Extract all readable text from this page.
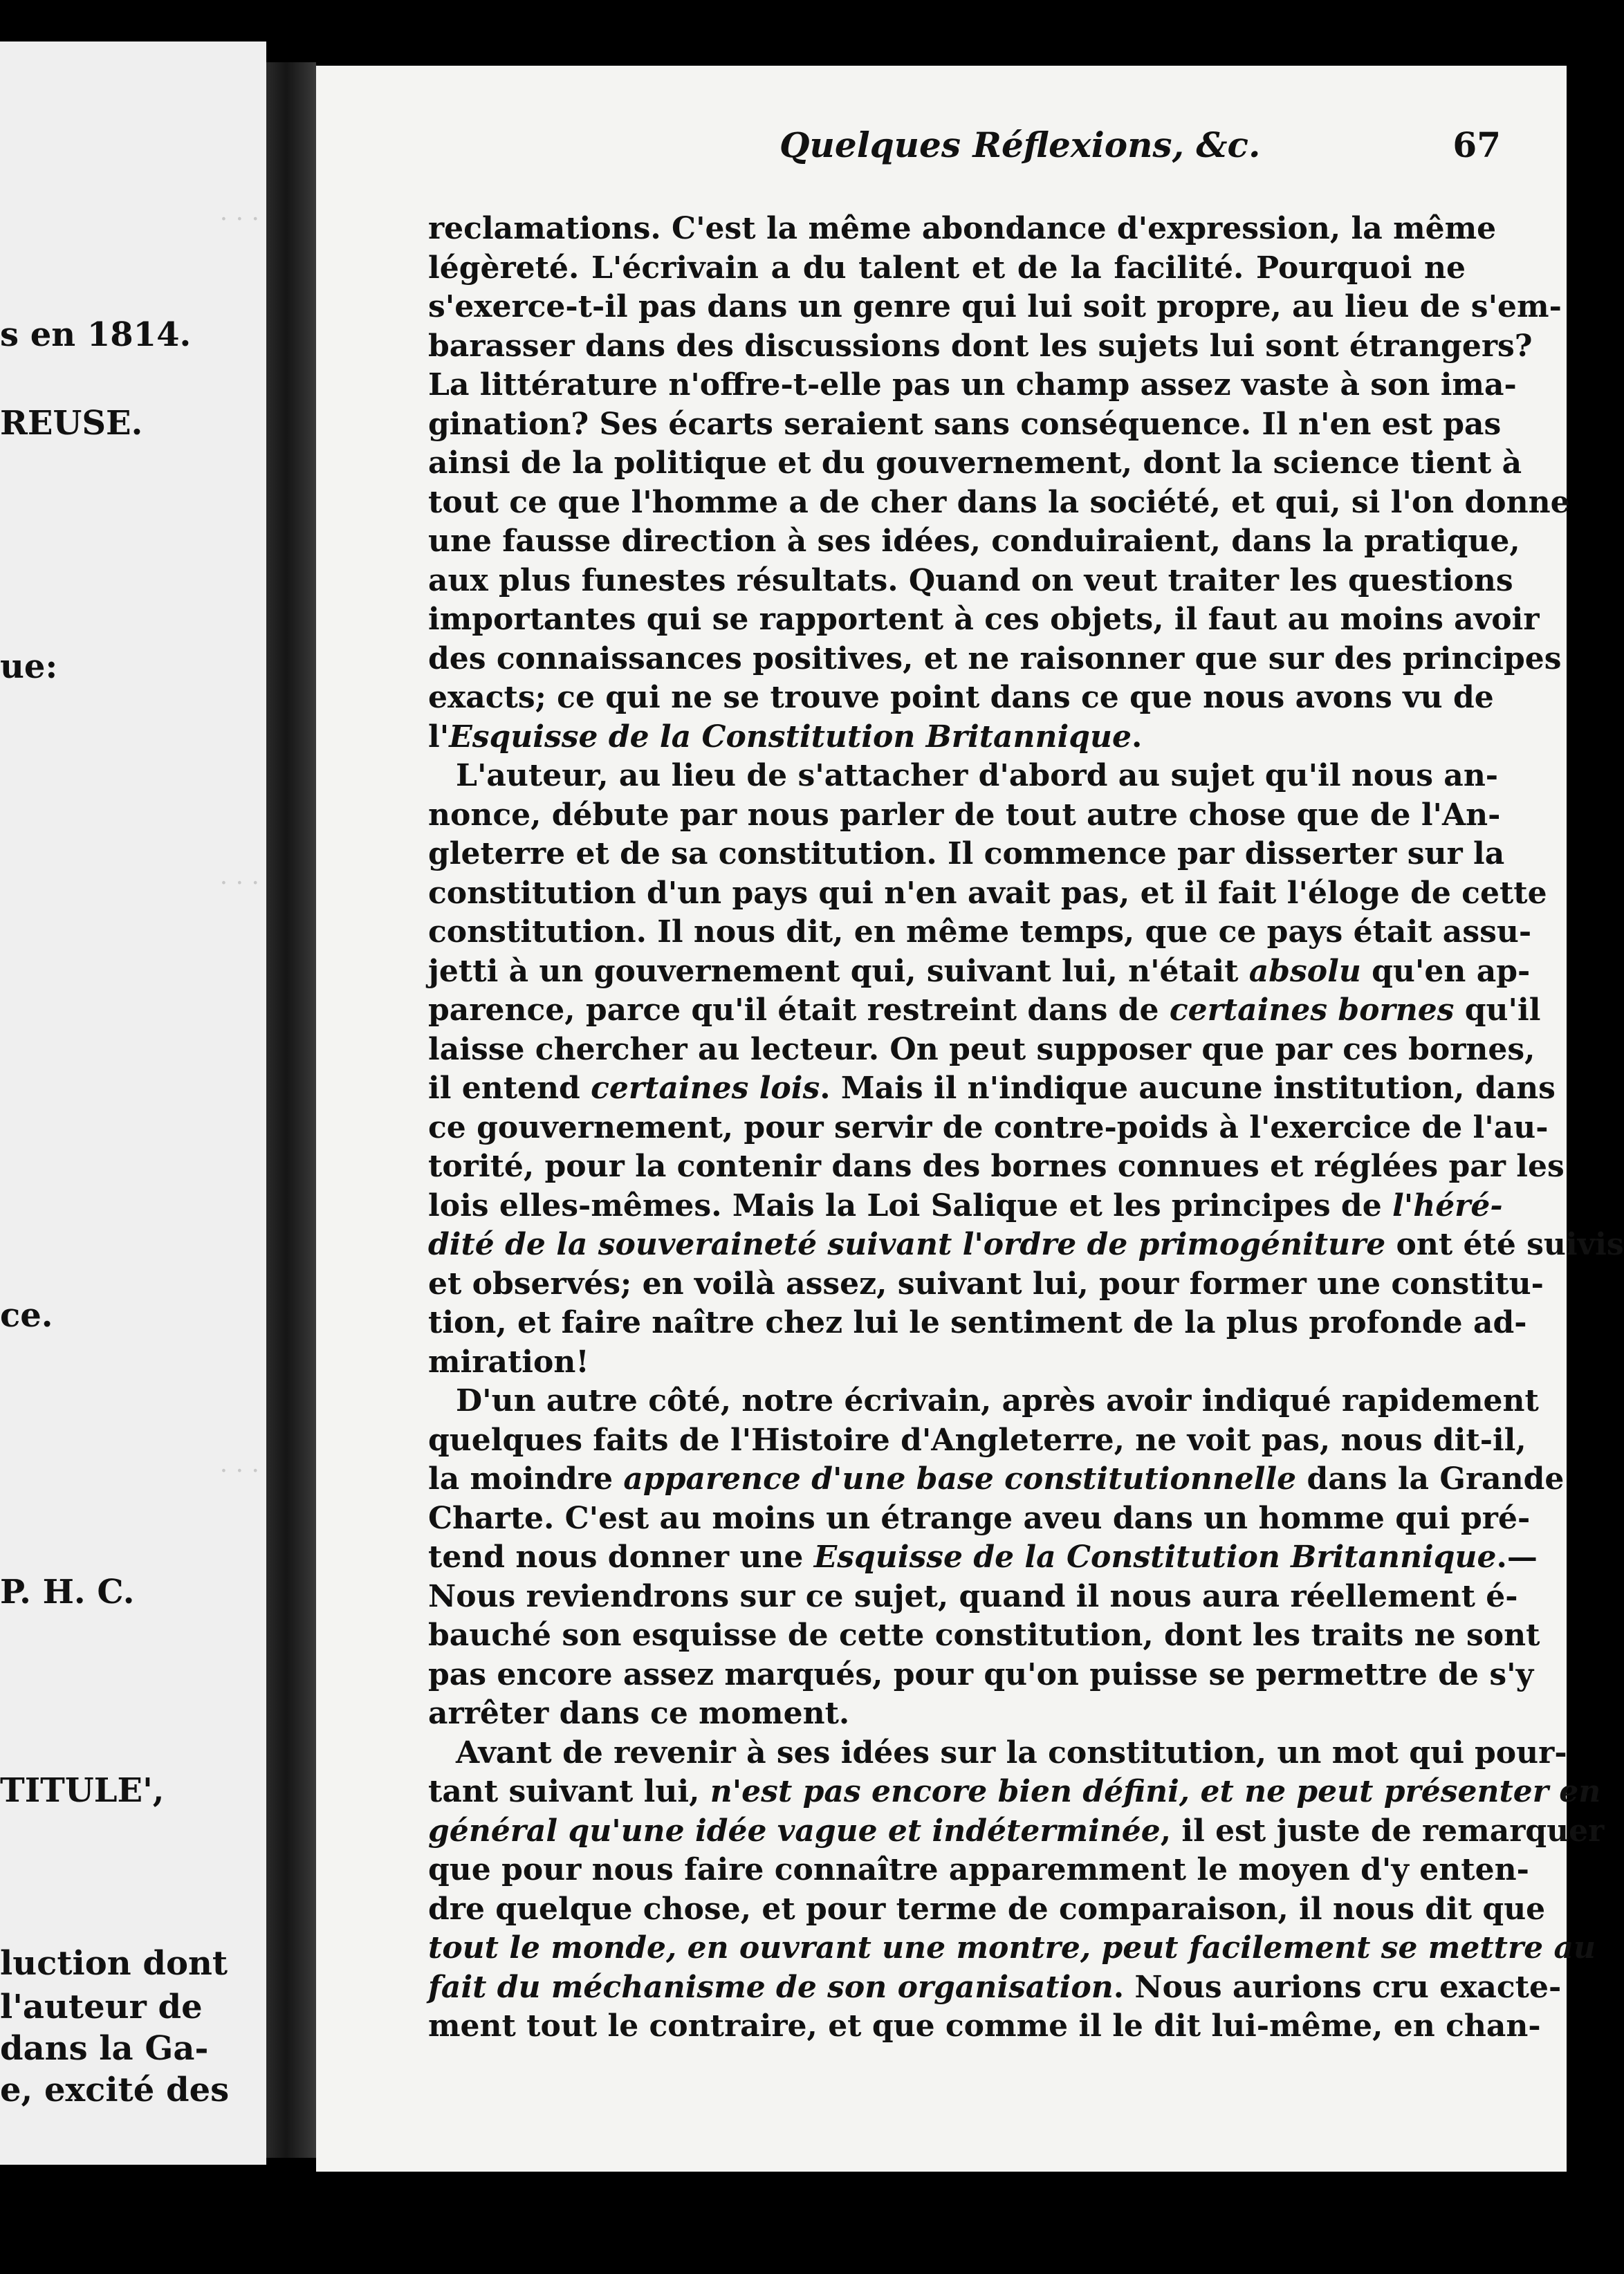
· · ·
· · ·
· · ·
s en 1814.
REUSE.
ue:
ce.
P. H. C.
TITULE',
luction dont
l'auteur de
dans la Ga-
e, excité des
Quelques Réflexions, &c.	67
reclamations. C'est la même abondance d'expression, la même
légèreté. L'écrivain a du talent et de la facilité. Pourquoi ne
s'exerce-t-il pas dans un genre qui lui soit propre, au lieu de s'em-
barasser dans des discussions dont les sujets lui sont étrangers?
La littérature n'offre-t-elle pas un champ assez vaste à son ima-
gination? Ses écarts seraient sans conséquence. Il n'en est pas
ainsi de la politique et du gouvernement, dont la science tient à
tout ce que l'homme a de cher dans la société, et qui, si l'on donne
une fausse direction à ses idées, conduiraient, dans la pratique,
aux plus funestes résultats. Quand on veut traiter les questions
importantes qui se rapportent à ces objets, il faut au moins avoir
des connaissances positives, et ne raisonner que sur des principes
exacts; ce qui ne se trouve point dans ce que nous avons vu de
l'Esquisse de la Constitution Britannique.
L'auteur, au lieu de s'attacher d'abord au sujet qu'il nous an-
nonce, débute par nous parler de tout autre chose que de l'An-
gleterre et de sa constitution. Il commence par disserter sur la
constitution d'un pays qui n'en avait pas, et il fait l'éloge de cette
constitution. Il nous dit, en même temps, que ce pays était assu-
jetti à un gouvernement qui, suivant lui, n'était absolu qu'en ap-
parence, parce qu'il était restreint dans de certaines bornes qu'il
laisse chercher au lecteur. On peut supposer que par ces bornes,
il entend certaines lois. Mais il n'indique aucune institution, dans
ce gouvernement, pour servir de contre-poids à l'exercice de l'au-
torité, pour la contenir dans des bornes connues et réglées par les
lois elles-mêmes. Mais la Loi Salique et les principes de l'héré-
dité de la souveraineté suivant l'ordre de primogéniture ont été suivis
et observés; en voilà assez, suivant lui, pour former une constitu-
tion, et faire naître chez lui le sentiment de la plus profonde ad-
miration!
D'un autre côté, notre écrivain, après avoir indiqué rapidement
quelques faits de l'Histoire d'Angleterre, ne voit pas, nous dit-il,
la moindre apparence d'une base constitutionnelle dans la Grande
Charte. C'est au moins un étrange aveu dans un homme qui pré-
tend nous donner une Esquisse de la Constitution Britannique.—
Nous reviendrons sur ce sujet, quand il nous aura réellement é-
bauché son esquisse de cette constitution, dont les traits ne sont
pas encore assez marqués, pour qu'on puisse se permettre de s'y
arrêter dans ce moment.
Avant de revenir à ses idées sur la constitution, un mot qui pour-
tant suivant lui, n'est pas encore bien défini, et ne peut présenter en
général qu'une idée vague et indéterminée, il est juste de remarquer
que pour nous faire connaître apparemment le moyen d'y enten-
dre quelque chose, et pour terme de comparaison, il nous dit que
tout le monde, en ouvrant une montre, peut facilement se mettre au
fait du méchanisme de son organisation. Nous aurions cru exacte-
ment tout le contraire, et que comme il le dit lui-même, en chan-
